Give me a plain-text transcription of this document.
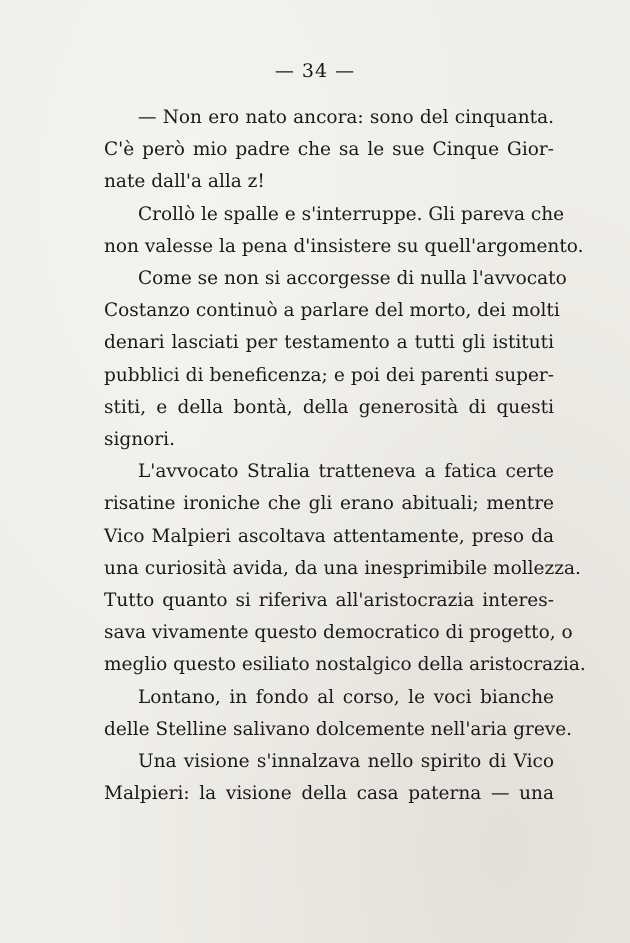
— 34 —
— Non ero nato ancora: sono del cinquanta.
C'è però mio padre che sa le sue Cinque Gior-
nate dall'a alla z!
Crollò le spalle e s'interruppe. Gli pareva che
non valesse la pena d'insistere su quell'argomento.
Come se non si accorgesse di nulla l'avvocato
Costanzo continuò a parlare del morto, dei molti
denari lasciati per testamento a tutti gli istituti
pubblici di beneficenza; e poi dei parenti super-
stiti, e della bontà, della generosità di questi
signori.
L'avvocato Stralia tratteneva a fatica certe
risatine ironiche che gli erano abituali; mentre
Vico Malpieri ascoltava attentamente, preso da
una curiosità avida, da una inesprimibile mollezza.
Tutto quanto si riferiva all'aristocrazia interes-
sava vivamente questo democratico di progetto, o
meglio questo esiliato nostalgico della aristocrazia.
Lontano, in fondo al corso, le voci bianche
delle Stelline salivano dolcemente nell'aria greve.
Una visione s'innalzava nello spirito di Vico
Malpieri: la visione della casa paterna — una
